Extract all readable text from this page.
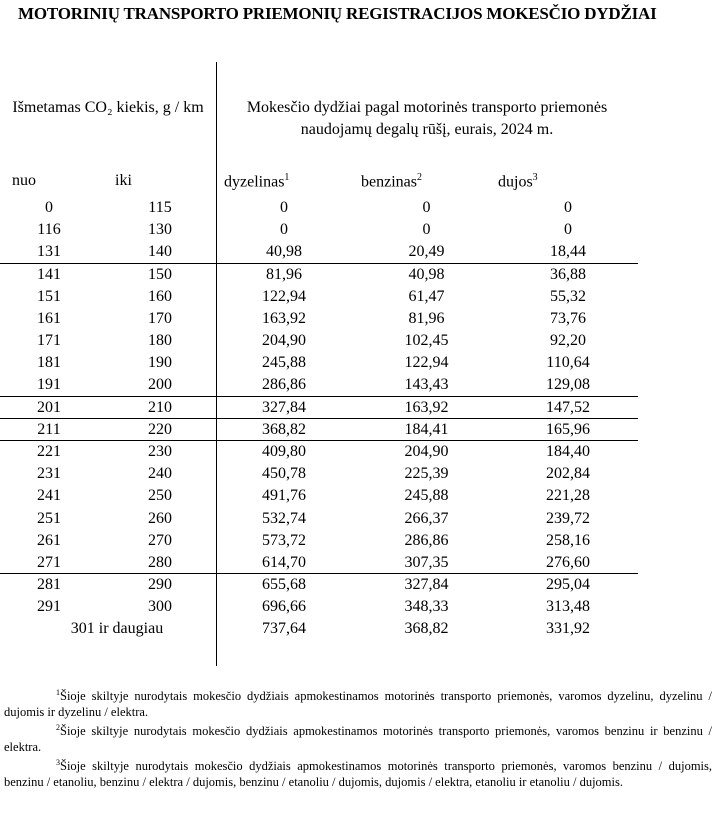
MOTORINIŲ TRANSPORTO PRIEMONIŲ REGISTRACIJOS MOKESČIO DYDŽIAI
Išmetamas CO₂ kiekis, g / km	Mokesčio dydžiai pagal motorinės transporto priemonės naudojamų degalų rūšį, eurais, 2024 m.
nuo	iki	dyzelinas$^1$	benzinas$^2$	dujos$^3$
0	115	0	0	0
116	130	0	0	0
131	140	40,98	20,49	18,44
141	150	81,96	40,98	36,88
151	160	122,94	61,47	55,32
161	170	163,92	81,96	73,76
171	180	204,90	102,45	92,20
181	190	245,88	122,94	110,64
191	200	286,86	143,43	129,08
201	210	327,84	163,92	147,52
211	220	368,82	184,41	165,96
221	230	409,80	204,90	184,40
231	240	450,78	225,39	202,84
241	250	491,76	245,88	221,28
251	260	532,74	266,37	239,72
261	270	573,72	286,86	258,16
271	280	614,70	307,35	276,60
281	290	655,68	327,84	295,04
291	300	696,66	348,33	313,48
301 ir daugiau	737,64	368,82	331,92

$^1$Šioje skiltyje nurodytais mokesčio dydžiais apmokestinamos motorinės transporto priemonės, varomos dyzelinu, dyzelinu / dujomis ir dyzelinu / elektra.

$^2$Šioje skiltyje nurodytais mokesčio dydžiais apmokestinamos motorinės transporto priemonės, varomos benzinu ir benzinu / elektra.

$^3$Šioje skiltyje nurodytais mokesčio dydžiais apmokestinamos motorinės transporto priemonės, varomos benzinu / dujomis, benzinu / etanoliu, benzinu / elektra / dujomis, benzinu / etanoliu / dujomis, dujomis / elektra, etanoliu ir etanoliu / dujomis.
